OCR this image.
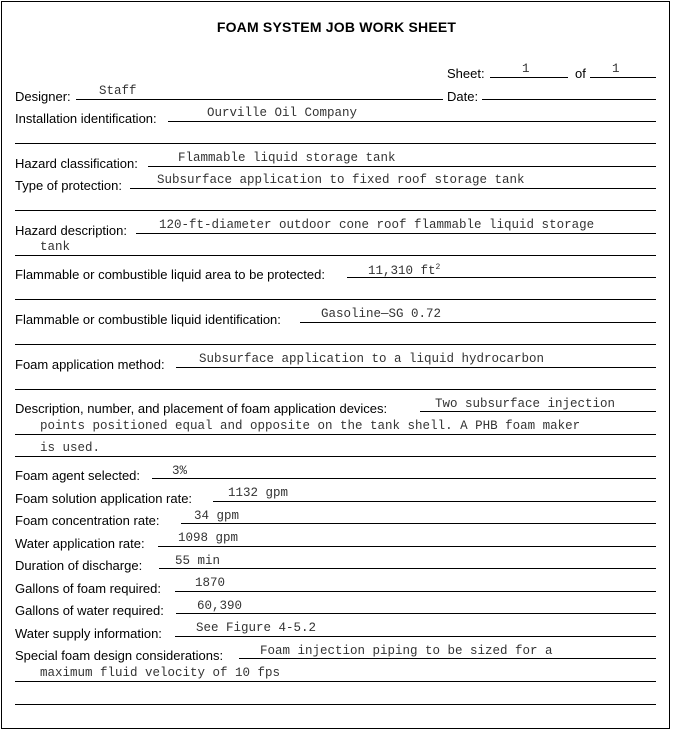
FOAM SYSTEM JOB WORK SHEET
Sheet:	1	of 1
Designer: Staff	Date:
Installation identification:	Ourville Oil Company
Hazard classification:	Flammable liquid storage tank
Type of protection:	Subsurface application to fixed roof storage tank
Hazard description:	120-ft-diameter outdoor cone roof flammable liquid storage
tank
Flammable or combustible liquid area to be protected:	11,310 $ft^2$
Flammable or combustible liquid identification:	Gasoline—SG 0.72
Foam application method:	Subsurface application to a liquid hydrocarbon
Description, number, and placement of foam application devices:	Two subsurface injection
points positioned equal and opposite on the tank shell. A PHB foam maker
is used.
Foam agent selected:	3%
Foam solution application rate:	1132 gpm
Foam concentration rate:	34 gpm
Water application rate:	1098 gpm
Duration of discharge:	55 min
Gallons of foam required:	1870
Gallons of water required:	60,390
Water supply information:	See Figure 4-5.2
Special foam design considerations:	Foam injection piping to be sized for a
maximum fluid velocity of 10 fps
